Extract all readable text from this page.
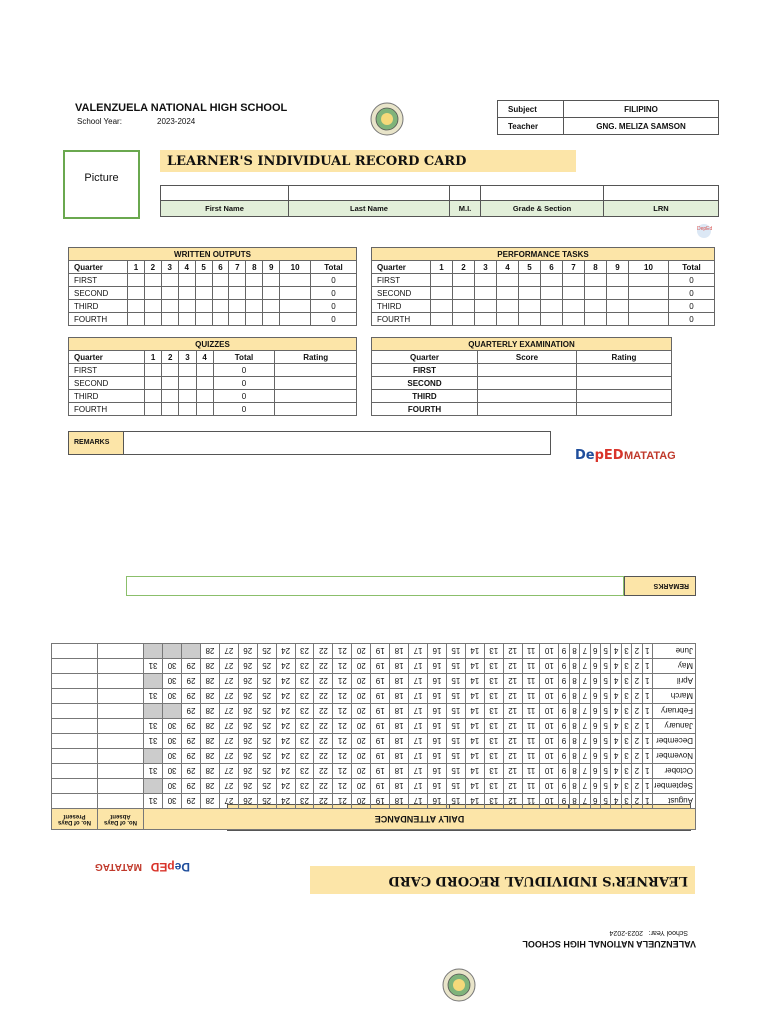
VALENZUELA NATIONAL HIGH SCHOOL
School Year:	2023-2024
Subject	FILIPINO
Teacher	GNG. MELIZA SAMSON
Picture
LEARNER'S INDIVIDUAL RECORD CARD

First Name	Last Name	M.I.	Grade & Section	LRN
DepEd
WRITTEN OUTPUTS											
Quarter	1	2	3	4	5	6	7	8	9	10	Total
FIRST											0
SECOND											0
THIRD											0
FOURTH											0
PERFORMANCE TASKS											
Quarter	1	2	3	4	5	6	7	8	9	10	Total
FIRST											0
SECOND											0
THIRD											0
FOURTH											0
QUIZZES						
Quarter	1	2	3	4	Total	Rating
FIRST					0	
SECOND					0	
THIRD					0	
FOURTH					0	
QUARTERLY EXAMINATION		
Quarter	Score	Rating
FIRST		
SECOND		
THIRD		
FOURTH		
REMARKS
DepED MATATAG
VALENZUELA NATIONAL HIGH SCHOOL
School Year:
2023-2024
LEARNER'S INDIVIDUAL RECORD CARD
DepED
MATATAG

DAILY ATTENDANCE																																No. of Days Absent	No. of Days Present
August	1	2	3	4	5	6	7	8	9	10	11	12	13	14	15	16	17	18	19	20	21	22	23	24	25	26	27	28	29	30	31		
September	1	2	3	4	5	6	7	8	9	10	11	12	13	14	15	16	17	18	19	20	21	22	23	24	25	26	27	28	29	30			
October	1	2	3	4	5	6	7	8	9	10	11	12	13	14	15	16	17	18	19	20	21	22	23	24	25	26	27	28	29	30	31		
November	1	2	3	4	5	6	7	8	9	10	11	12	13	14	15	16	17	18	19	20	21	22	23	24	25	26	27	28	29	30			
December	1	2	3	4	5	6	7	8	9	10	11	12	13	14	15	16	17	18	19	20	21	22	23	24	25	26	27	28	29	30	31		
January	1	2	3	4	5	6	7	8	9	10	11	12	13	14	15	16	17	18	19	20	21	22	23	24	25	26	27	28	29	30	31		
February	1	2	3	4	5	6	7	8	9	10	11	12	13	14	15	16	17	18	19	20	21	22	23	24	25	26	27	28	29				
March	1	2	3	4	5	6	7	8	9	10	11	12	13	14	15	16	17	18	19	20	21	22	23	24	25	26	27	28	29	30	31		
April	1	2	3	4	5	6	7	8	9	10	11	12	13	14	15	16	17	18	19	20	21	22	23	24	25	26	27	28	29	30			
May	1	2	3	4	5	6	7	8	9	10	11	12	13	14	15	16	17	18	19	20	21	22	23	24	25	26	27	28	29	30	31		
June	1	2	3	4	5	6	7	8	9	10	11	12	13	14	15	16	17	18	19	20	21	22	23	24	25	26	27	28					
REMARKS
